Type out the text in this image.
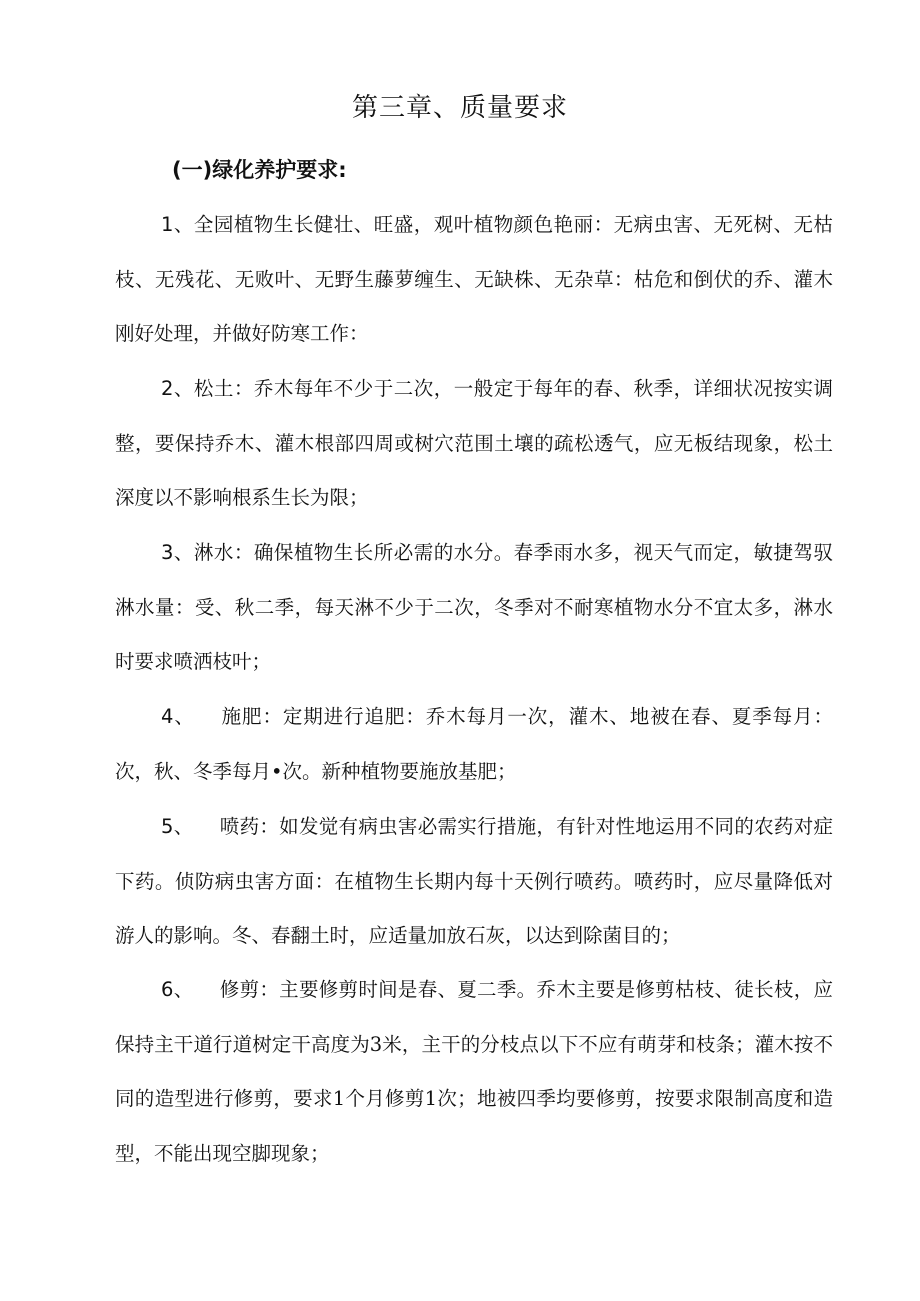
第三章、质量要求
(一)绿化养护要求:

1、全园植物生长健壮、旺盛，观叶植物颜色艳丽：无病虫害、无死树、无枯枝、无残花、无败叶、无野生藤萝缠生、无缺株、无杂草：枯危和倒伏的乔、灌木刚好处理，并做好防寒工作：

2、松土：乔木每年不少于二次，一般定于每年的春、秋季，详细状况按实调整，要保持乔木、灌木根部四周或树穴范围土壤的疏松透气，应无板结现象，松土深度以不影响根系生长为限；

3、淋水：确保植物生长所必需的水分。春季雨水多，视天气而定，敏捷驾驭淋水量：受、秋二季，每天淋不少于二次，冬季对不耐寒植物水分不宜太多，淋水时要求喷洒枝叶；

4、 施肥：定期进行追肥：乔木每月一次，灌木、地被在春、夏季每月：次，秋、冬季每月•次。新种植物要施放基肥；

5、 喷药：如发觉有病虫害必需实行措施，有针对性地运用不同的农药对症下药。侦防病虫害方面：在植物生长期内每十天例行喷药。喷药时，应尽量降低对游人的影响。冬、春翻土时，应适量加放石灰，以达到除菌目的；

6、 修剪：主要修剪时间是春、夏二季。乔木主要是修剪枯枝、徒长枝，应保持主干道行道树定干高度为3米，主干的分枝点以下不应有萌芽和枝条；灌木按不同的造型进行修剪，要求1个月修剪1次；地被四季均要修剪，按要求限制高度和造型，不能出现空脚现象；
